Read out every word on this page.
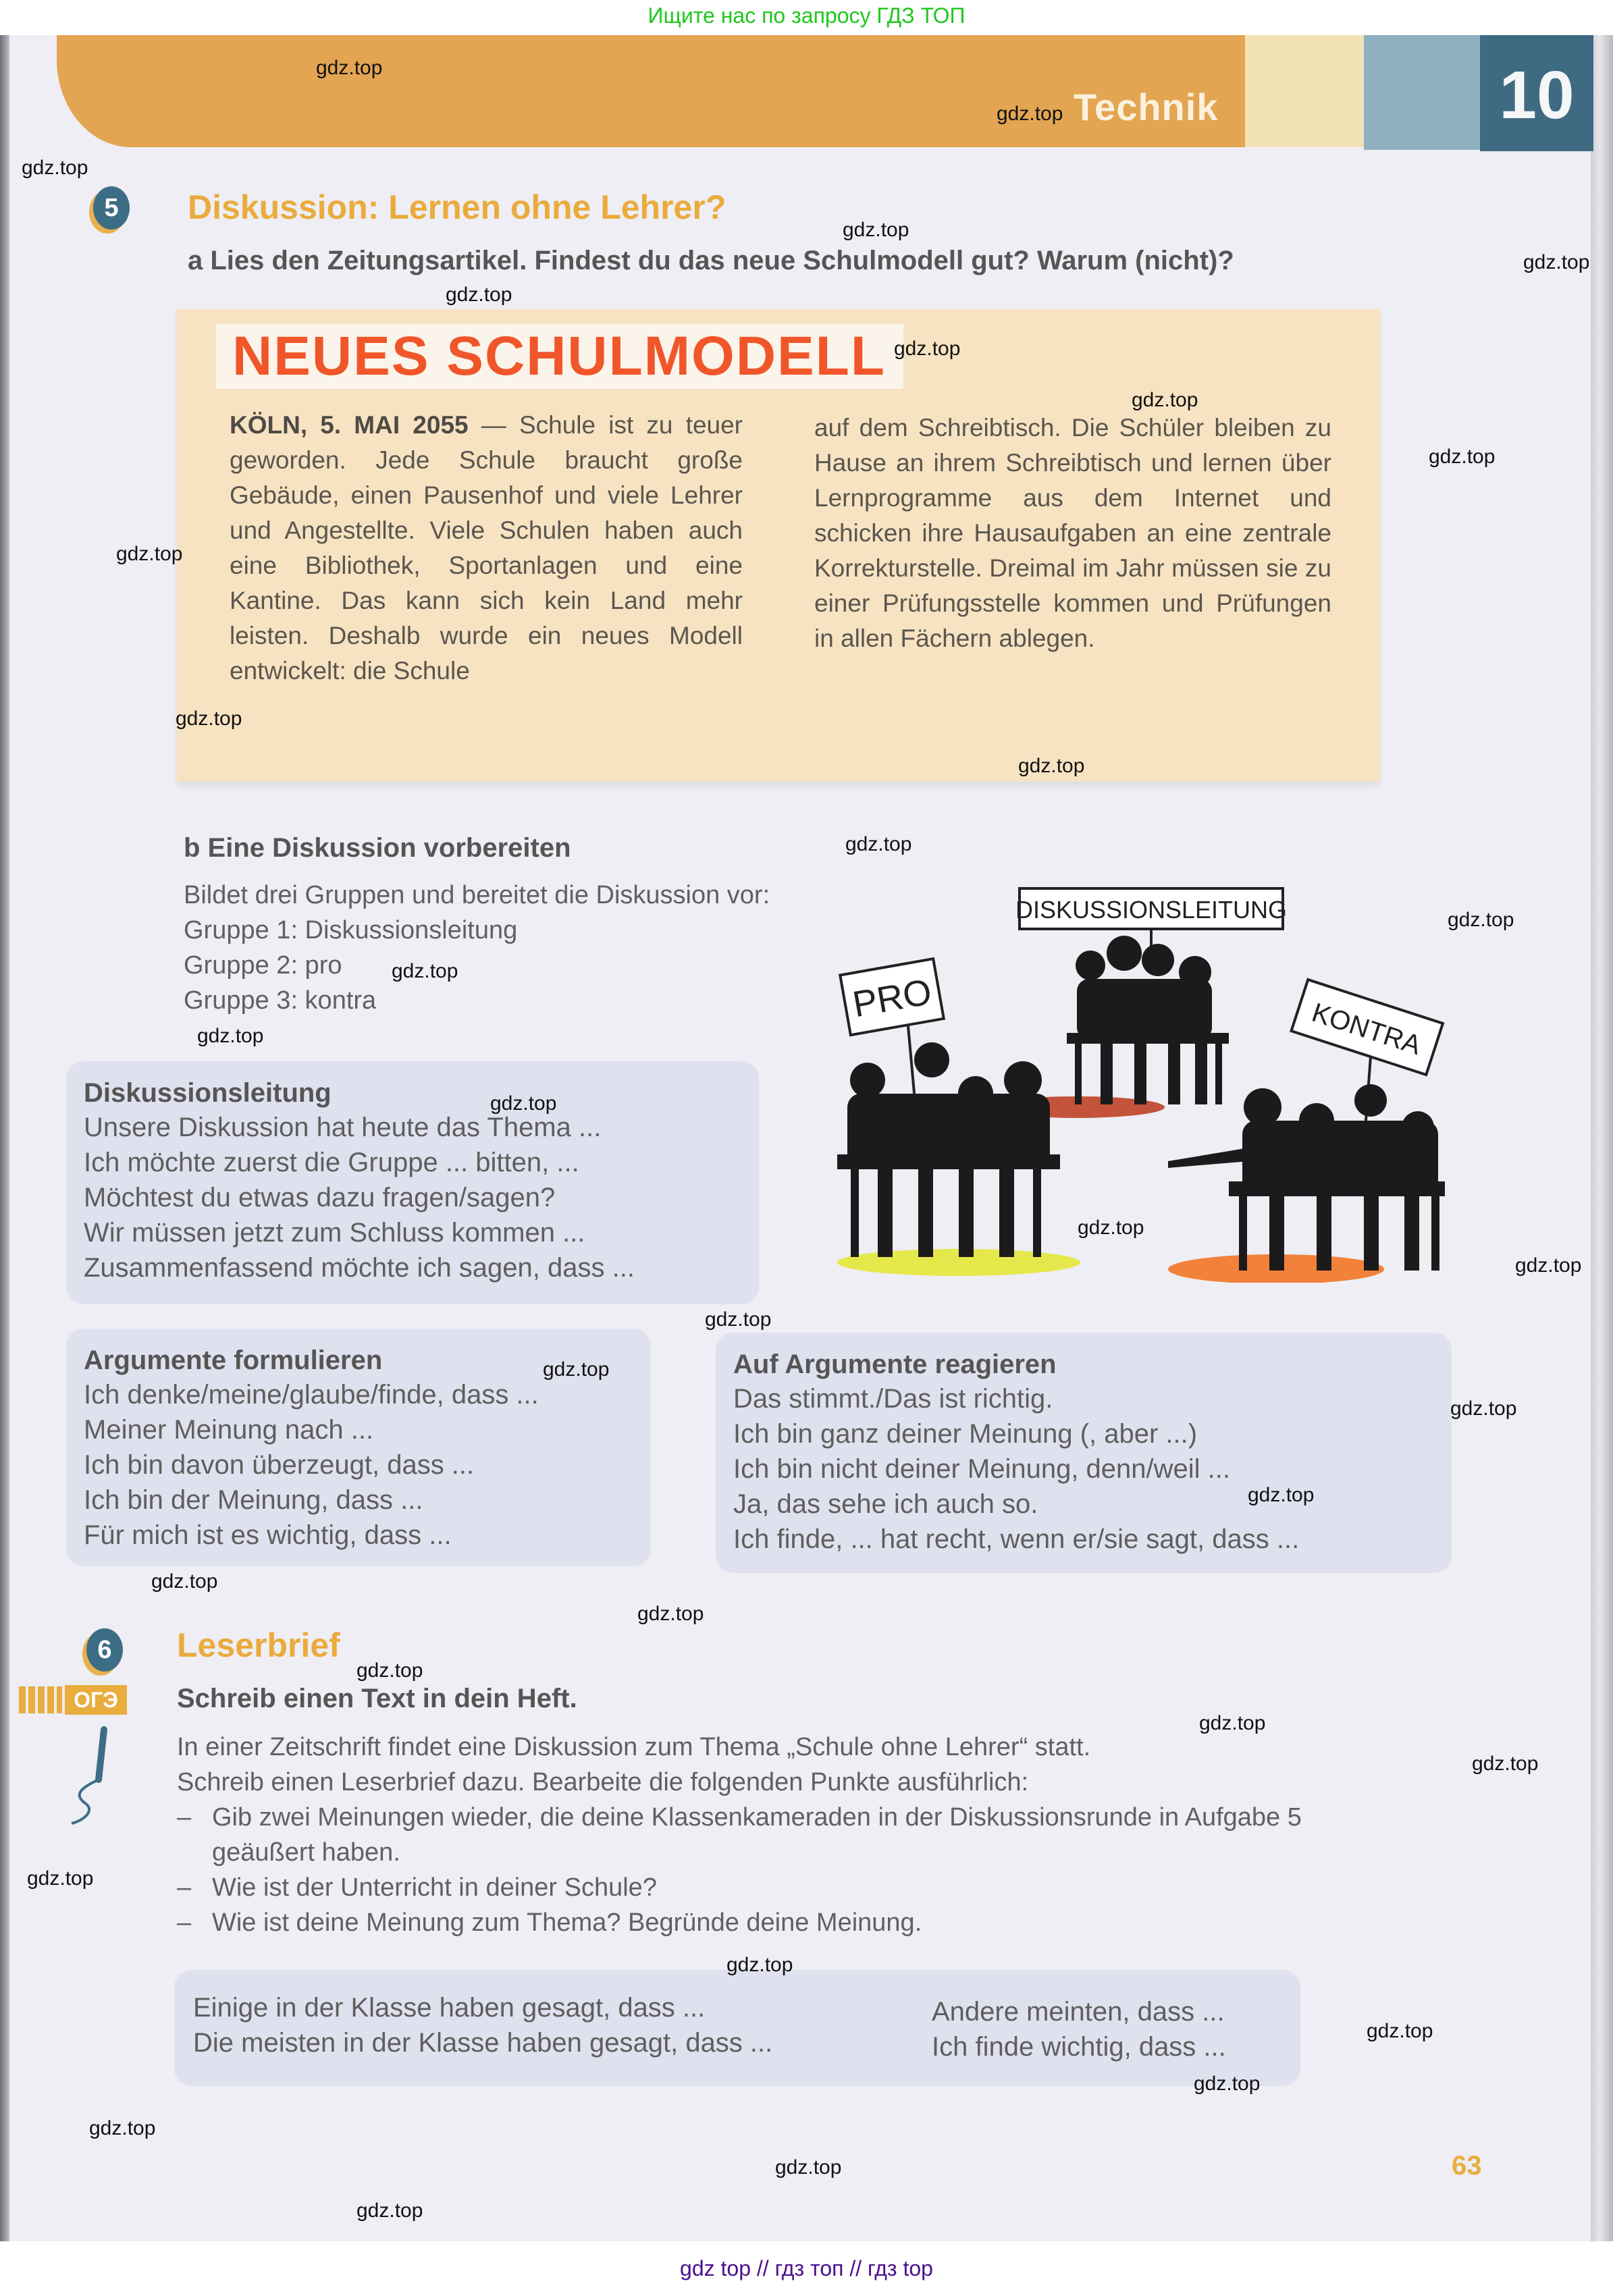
Ищите нас по запросу ГДЗ ТОП
Technik	10
5	Diskussion: Lernen ohne Lehrer?
a Lies den Zeitungsartikel. Findest du das neue Schulmodell gut? Warum (nicht)?
NEUES SCHULMODELL
KÖLN, 5. MAI 2055 — Schule ist zu teuer geworden. Jede Schule braucht große Gebäude, einen Pausenhof und viele Lehrer und Angestellte. Viele Schulen haben auch eine Bibliothek, Sportanlagen und eine Kantine. Das kann sich kein Land mehr leisten. Deshalb wurde ein neues Modell entwickelt: die Schule
auf dem Schreibtisch. Die Schüler bleiben zu Hause an ihrem Schreibtisch und lernen über Lernprogramme aus dem Internet und schicken ihre Hausaufgaben an eine zentrale Korrekturstelle. Dreimal im Jahr müssen sie zu einer Prüfungsstelle kommen und Prüfungen in allen Fächern ablegen.
b Eine Diskussion vorbereiten
Bildet drei Gruppen und bereitet die Diskussion vor:
Gruppe 1: Diskussionsleitung
Gruppe 2: pro
Gruppe 3: kontra
DISKUSSIONSLEITUNG
PRO	KONTRA
Diskussionsleitung
Unsere Diskussion hat heute das Thema ...
Ich möchte zuerst die Gruppe ... bitten, ...
Möchtest du etwas dazu fragen/sagen?
Wir müssen jetzt zum Schluss kommen ...
Zusammenfassend möchte ich sagen, dass ...
Argumente formulieren
Ich denke/meine/glaube/finde, dass ...
Meiner Meinung nach ...
Ich bin davon überzeugt, dass ...
Ich bin der Meinung, dass ...
Für mich ist es wichtig, dass ...
Auf Argumente reagieren
Das stimmt./Das ist richtig.
Ich bin ganz deiner Meinung (, aber ...)
Ich bin nicht deiner Meinung, denn/weil ...
Ja, das sehe ich auch so.
Ich finde, ... hat recht, wenn er/sie sagt, dass ...
6
ОГЭ
Leserbrief
Schreib einen Text in dein Heft.
In einer Zeitschrift findet eine Diskussion zum Thema „Schule ohne Lehrer“ statt.
Schreib einen Leserbrief dazu. Bearbeite die folgenden Punkte ausführlich:
– Gib zwei Meinungen wieder, die deine Klassenkameraden in der Diskussionsrunde in Aufgabe 5 geäußert haben.
– Wie ist der Unterricht in deiner Schule?
– Wie ist deine Meinung zum Thema? Begründe deine Meinung.
Einige in der Klasse haben gesagt, dass ...
Die meisten in der Klasse haben gesagt, dass ...
Andere meinten, dass ...
Ich finde wichtig, dass ...
63
gdz.top
gdz.top
gdz.top
gdz.top
gdz.top
gdz.top
gdz.top
gdz.top
gdz.top
gdz.top
gdz.top
gdz.top
gdz.top
gdz.top
gdz.top
gdz.top
gdz.top
gdz.top
gdz.top
gdz.top
gdz.top
gdz.top
gdz.top
gdz.top
gdz.top
gdz.top
gdz.top
gdz.top
gdz.top
gdz.top
gdz.top
gdz.top
gdz.top
gdz.top
gdz.top
gdz top // гдз топ // гдз top
